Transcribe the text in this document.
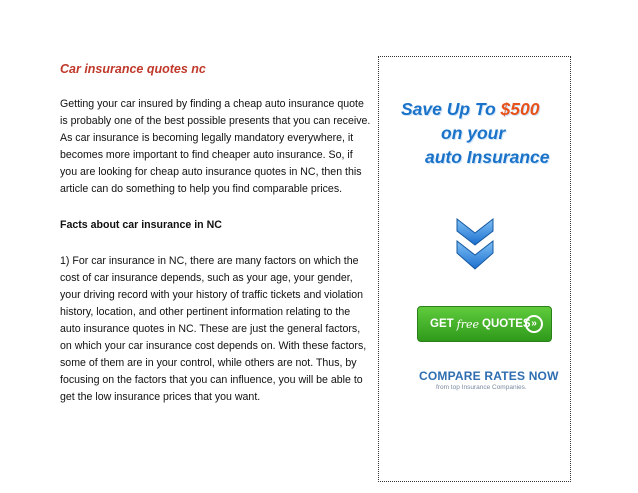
Car insurance quotes nc
Getting your car insured by finding a cheap auto insurance quote is probably one of the best possible presents that you can receive. As car insurance is becoming legally mandatory everywhere, it becomes more important to find cheaper auto insurance. So, if you are looking for cheap auto insurance quotes in NC, then this article can do something to help you find comparable prices.
Facts about car insurance in NC
1) For car insurance in NC, there are many factors on which the cost of car insurance depends, such as your age, your gender, your driving record with your history of traffic tickets and violation history, location, and other pertinent information relating to the auto insurance quotes in NC. These are just the general factors, on which your car insurance cost depends on. With these factors, some of them are in your control, while others are not. Thus, by focusing on the factors that you can influence, you will be able to get the low insurance prices that you want.
Save Up To $500
on your
auto Insurance
GET free QUOTES »
COMPARE RATES NOW
from top Insurance Companies.
